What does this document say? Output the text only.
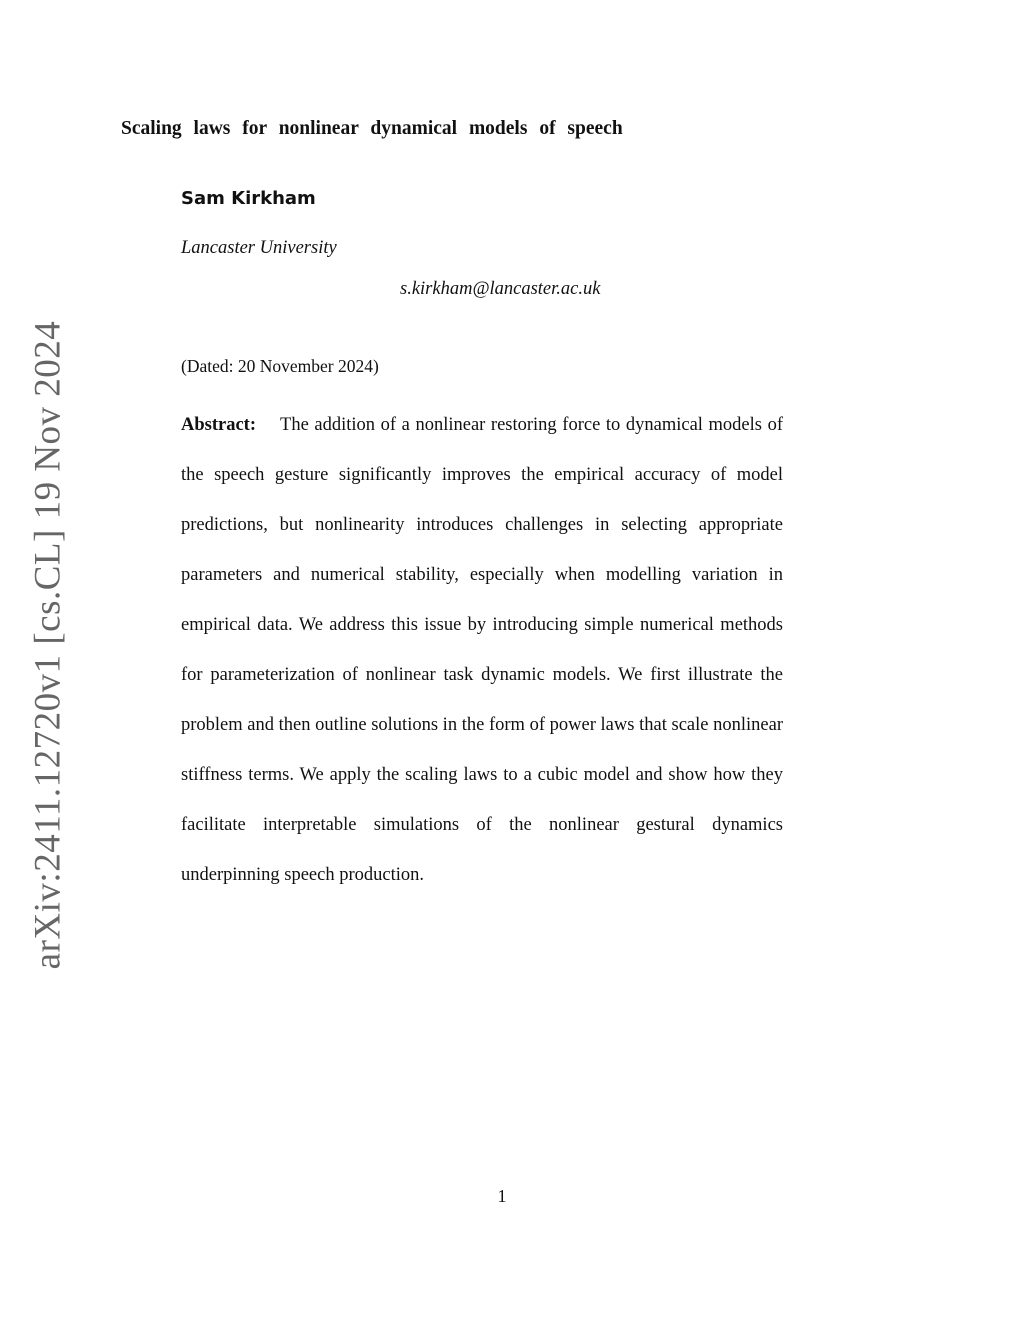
arXiv:2411.12720v1 [cs.CL] 19 Nov 2024
Scaling laws for nonlinear dynamical models of speech
Sam Kirkham
Lancaster University
s.kirkham@lancaster.ac.uk
(Dated: 20 November 2024)

Abstract: The addition of a nonlinear restoring force to dynamical models of the speech gesture significantly improves the empirical accuracy of model predictions, but nonlinearity introduces challenges in selecting appropriate parameters and numerical stability, especially when modelling variation in empirical data. We address this issue by introducing simple numerical methods for parameterization of nonlinear task dynamic models. We first illustrate the problem and then outline solutions in the form of power laws that scale nonlinear stiffness terms. We apply the scaling laws to a cubic model and show how they facilitate interpretable simulations of the nonlinear gestural dynamics underpinning speech production.

1
